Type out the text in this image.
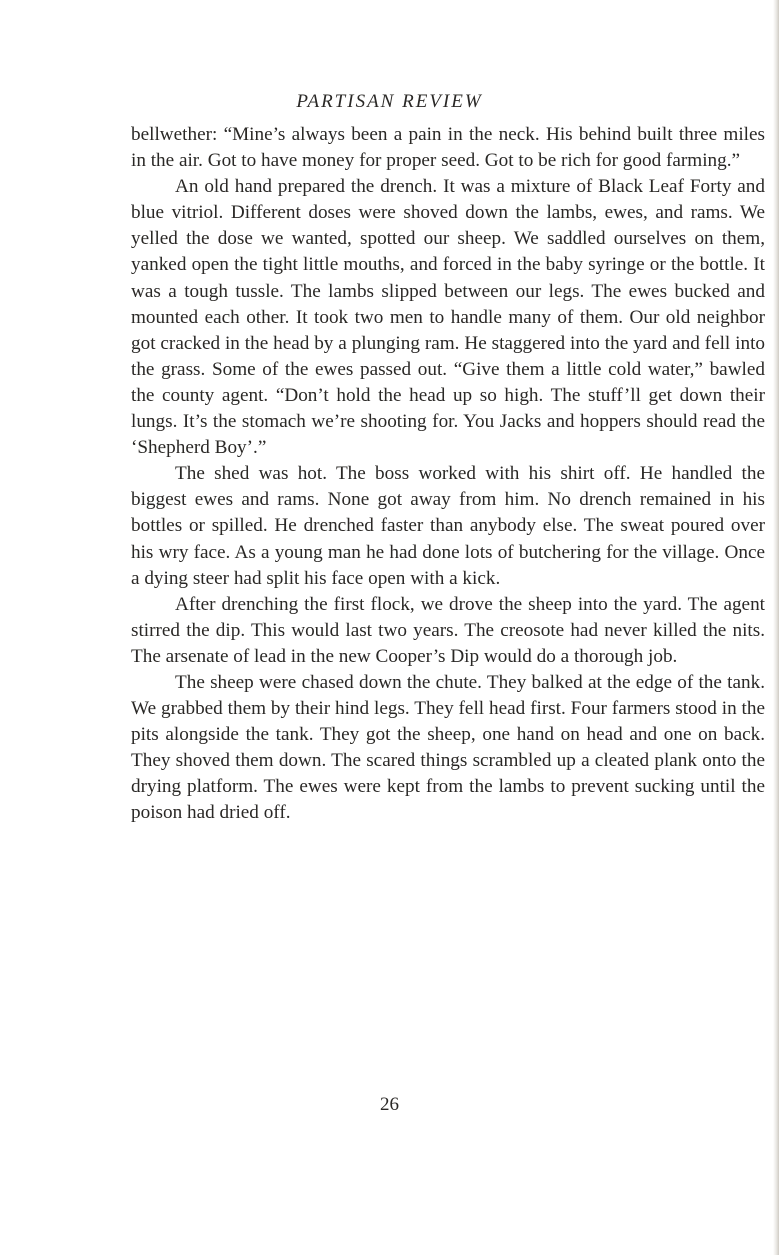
PARTISAN REVIEW

bellwether: “Mine’s always been a pain in the neck. His behind built three miles in the air. Got to have money for proper seed. Got to be rich for good farming.”

An old hand prepared the drench. It was a mixture of Black Leaf Forty and blue vitriol. Different doses were shoved down the lambs, ewes, and rams. We yelled the dose we wanted, spotted our sheep. We saddled ourselves on them, yanked open the tight little mouths, and forced in the baby syringe or the bottle. It was a tough tussle. The lambs slipped between our legs. The ewes bucked and mounted each other. It took two men to handle many of them. Our old neighbor got cracked in the head by a plunging ram. He staggered into the yard and fell into the grass. Some of the ewes passed out. “Give them a little cold water,” bawled the county agent. “Don’t hold the head up so high. The stuff’ll get down their lungs. It’s the stomach we’re shooting for. You Jacks and hoppers should read the ‘Shepherd Boy’.”

The shed was hot. The boss worked with his shirt off. He handled the biggest ewes and rams. None got away from him. No drench remained in his bottles or spilled. He drenched faster than anybody else. The sweat poured over his wry face. As a young man he had done lots of butchering for the village. Once a dying steer had split his face open with a kick.

After drenching the first flock, we drove the sheep into the yard. The agent stirred the dip. This would last two years. The creosote had never killed the nits. The arsenate of lead in the new Cooper’s Dip would do a thorough job.

The sheep were chased down the chute. They balked at the edge of the tank. We grabbed them by their hind legs. They fell head first. Four farmers stood in the pits alongside the tank. They got the sheep, one hand on head and one on back. They shoved them down. The scared things scrambled up a cleated plank onto the drying platform. The ewes were kept from the lambs to prevent sucking until the poison had dried off.

26
